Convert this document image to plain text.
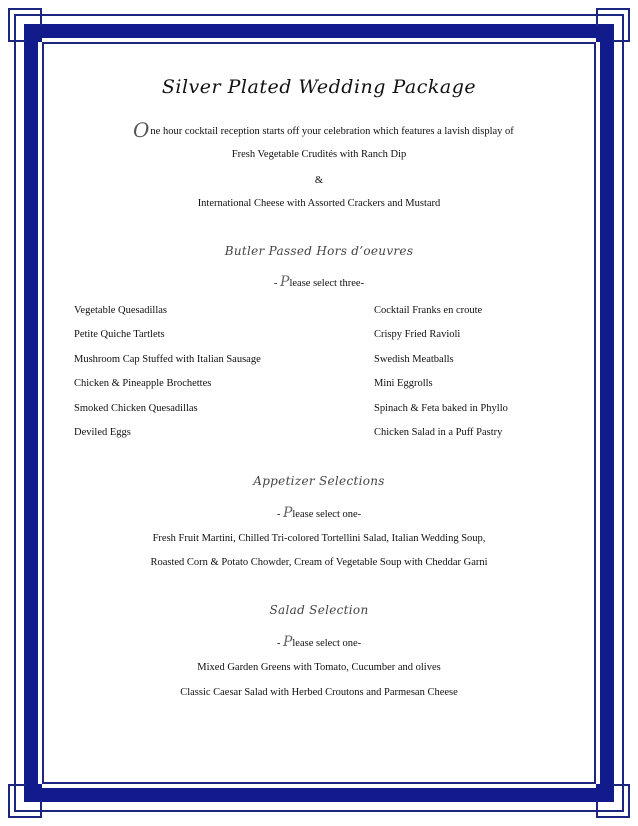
Silver Plated Wedding Package
One hour cocktail reception starts off your celebration which features a lavish display of
Fresh Vegetable Crudités with Ranch Dip
&
International Cheese with Assorted Crackers and Mustard
Butler Passed Hors d’oeuvres
- Please select three-
Vegetable Quesadillas
Petite Quiche Tartlets
Mushroom Cap Stuffed with Italian Sausage
Chicken & Pineapple Brochettes
Smoked Chicken Quesadillas
Deviled Eggs
Cocktail Franks en croute
Crispy Fried Ravioli
Swedish Meatballs
Mini Eggrolls
Spinach & Feta baked in Phyllo
Chicken Salad in a Puff Pastry
Appetizer Selections
- Please select one-
Fresh Fruit Martini, Chilled Tri-colored Tortellini Salad, Italian Wedding Soup,
Roasted Corn & Potato Chowder, Cream of Vegetable Soup with Cheddar Garni
Salad Selection
- Please select one-
Mixed Garden Greens with Tomato, Cucumber and olives
Classic Caesar Salad with Herbed Croutons and Parmesan Cheese
